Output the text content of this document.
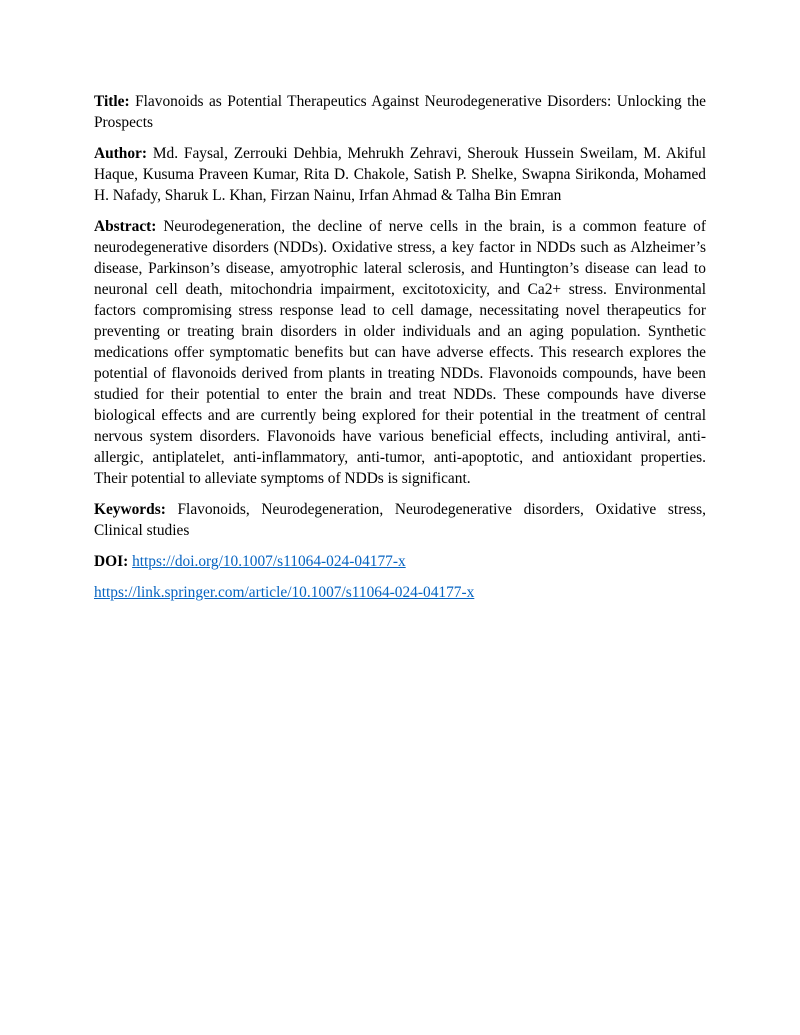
Title: Flavonoids as Potential Therapeutics Against Neurodegenerative Disorders: Unlocking the Prospects

Author: Md. Faysal, Zerrouki Dehbia, Mehrukh Zehravi, Sherouk Hussein Sweilam, M. Akiful Haque, Kusuma Praveen Kumar, Rita D. Chakole, Satish P. Shelke, Swapna Sirikonda, Mohamed H. Nafady, Sharuk L. Khan, Firzan Nainu, Irfan Ahmad & Talha Bin Emran

Abstract: Neurodegeneration, the decline of nerve cells in the brain, is a common feature of neurodegenerative disorders (NDDs). Oxidative stress, a key factor in NDDs such as Alzheimer’s disease, Parkinson’s disease, amyotrophic lateral sclerosis, and Huntington’s disease can lead to neuronal cell death, mitochondria impairment, excitotoxicity, and Ca2+ stress. Environmental factors compromising stress response lead to cell damage, necessitating novel therapeutics for preventing or treating brain disorders in older individuals and an aging population. Synthetic medications offer symptomatic benefits but can have adverse effects. This research explores the potential of flavonoids derived from plants in treating NDDs. Flavonoids compounds, have been studied for their potential to enter the brain and treat NDDs. These compounds have diverse biological effects and are currently being explored for their potential in the treatment of central nervous system disorders. Flavonoids have various beneficial effects, including antiviral, anti-allergic, antiplatelet, anti-inflammatory, anti-tumor, anti-apoptotic, and antioxidant properties. Their potential to alleviate symptoms of NDDs is significant.

Keywords: Flavonoids, Neurodegeneration, Neurodegenerative disorders, Oxidative stress, Clinical studies

DOI: https://doi.org/10.1007/s11064-024-04177-x

https://link.springer.com/article/10.1007/s11064-024-04177-x
